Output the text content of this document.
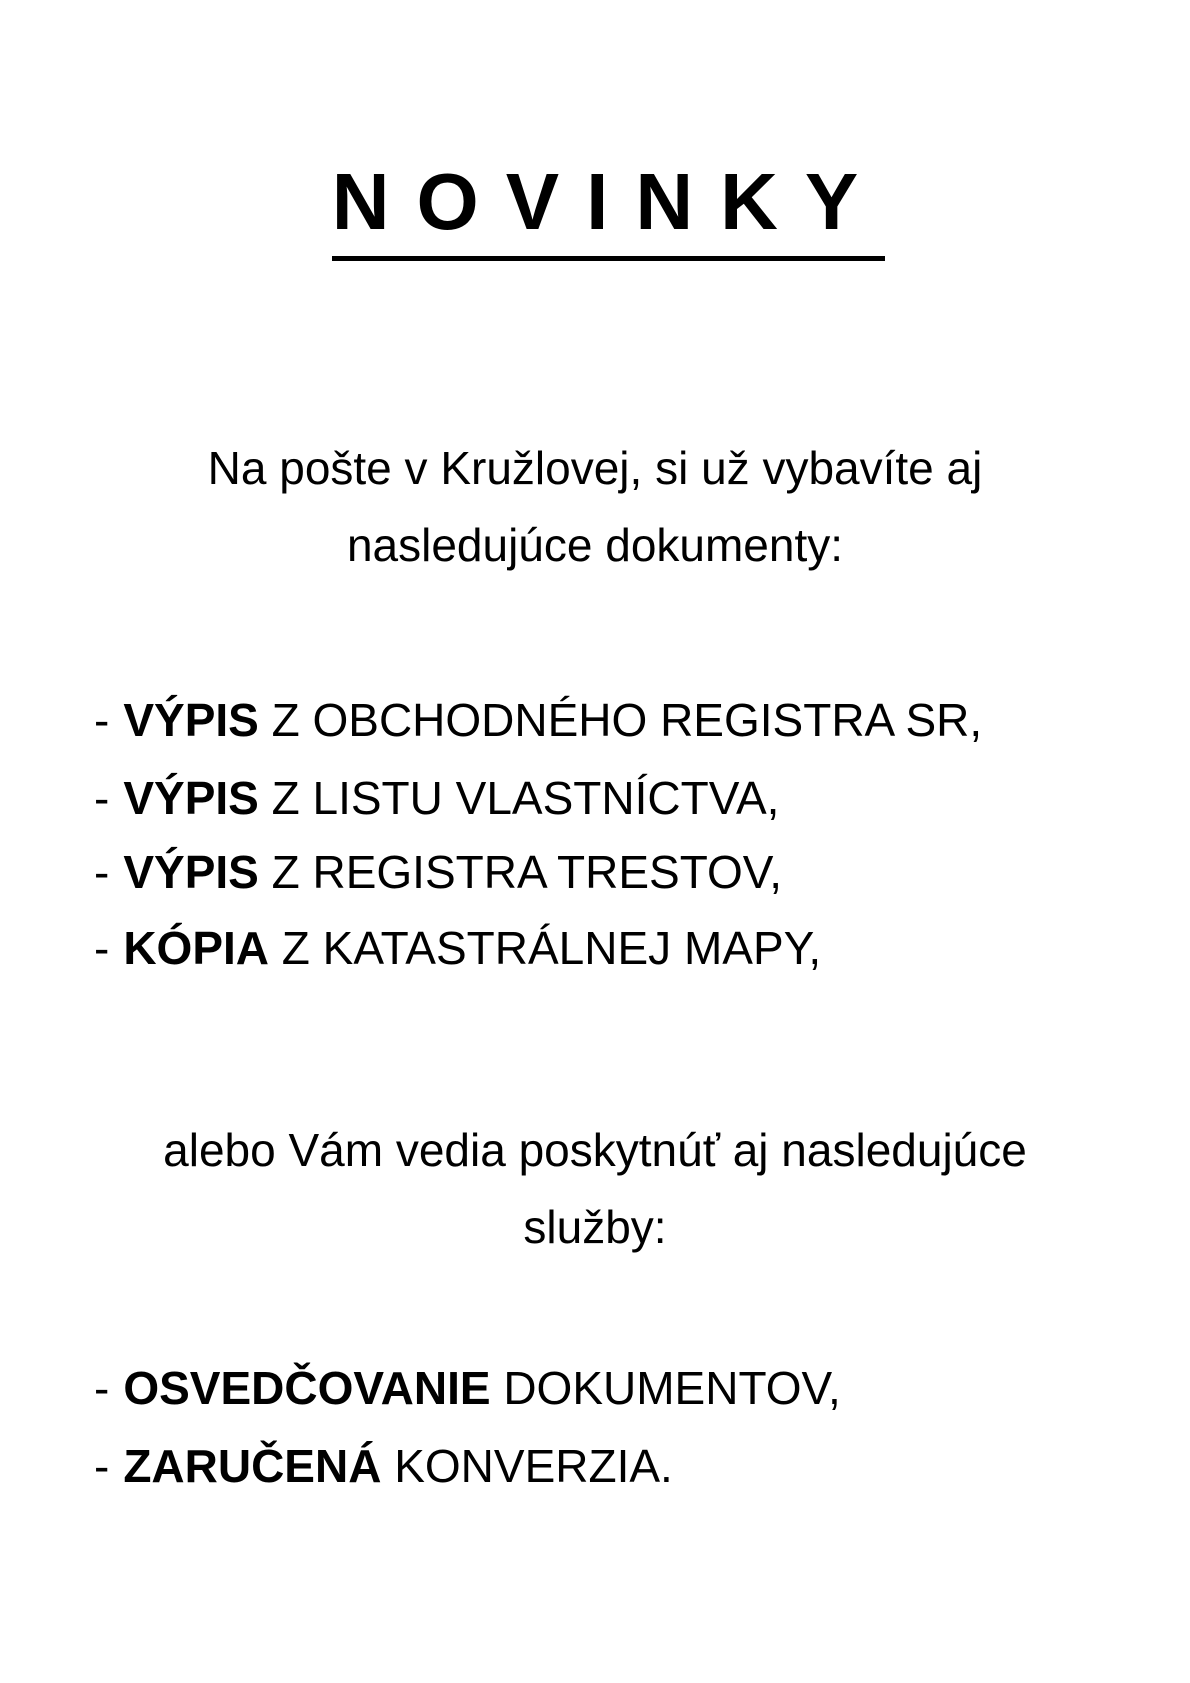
NOVINKY
Na pošte v Kružlovej, si už vybavíte aj
nasledujúce dokumenty:
- VÝPIS Z OBCHODNÉHO REGISTRA SR,
- VÝPIS Z LISTU VLASTNÍCTVA,
- VÝPIS Z REGISTRA TRESTOV,
- KÓPIA Z KATASTRÁLNEJ MAPY,
alebo Vám vedia poskytnúť aj nasledujúce
služby:
- OSVEDČOVANIE DOKUMENTOV,
- ZARUČENÁ KONVERZIA.
